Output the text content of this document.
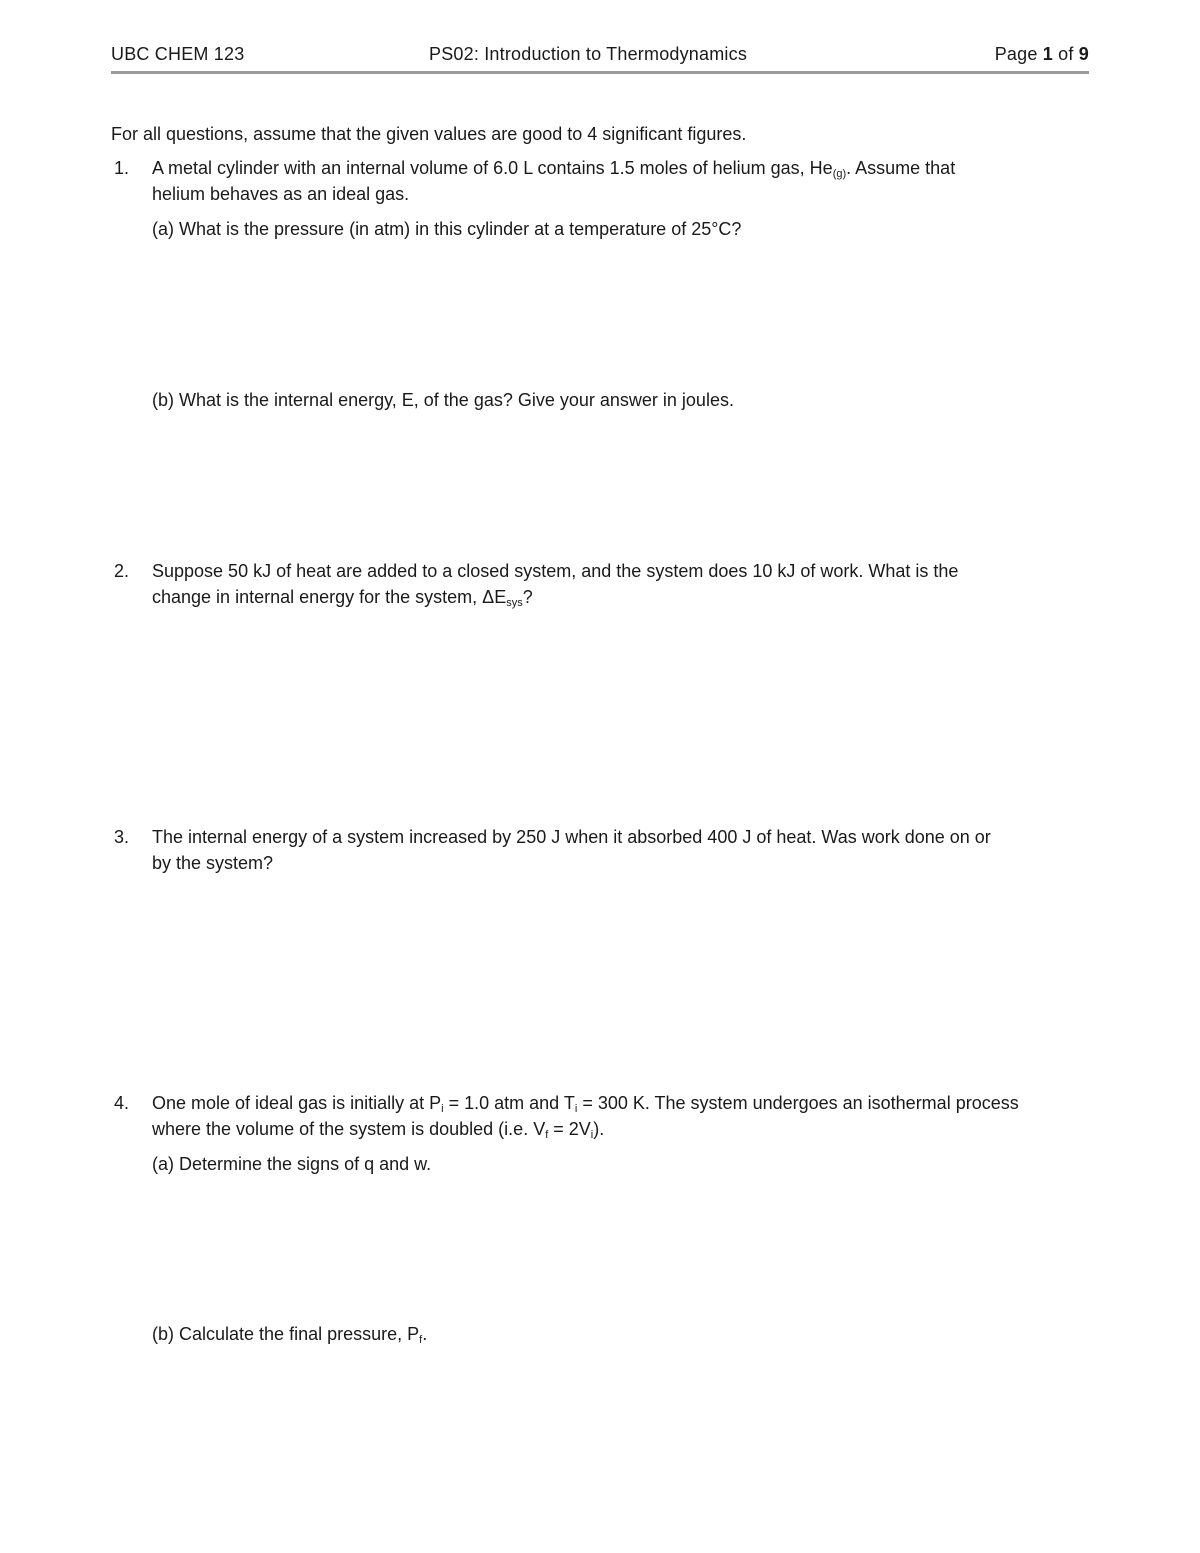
UBC CHEM 123	PS02: Introduction to Thermodynamics	Page 1 of 9
For all questions, assume that the given values are good to 4 significant figures.
1. A metal cylinder with an internal volume of 6.0 L contains 1.5 moles of helium gas, $He_{(g)}$. Assume that
helium behaves as an ideal gas.
(a) What is the pressure (in atm) in this cylinder at a temperature of 25°C?
(b) What is the internal energy, E, of the gas? Give your answer in joules.
2. Suppose 50 kJ of heat are added to a closed system, and the system does 10 kJ of work. What is the
change in internal energy for the system, $\Delta E_{sys}$?
3. The internal energy of a system increased by 250 J when it absorbed 400 J of heat. Was work done on or
by the system?
4. One mole of ideal gas is initially at $P_i = 1.0$ atm and $T_i = 300$ K. The system undergoes an isothermal process
where the volume of the system is doubled (i.e. $V_f = 2V_i$).
(a) Determine the signs of q and w.
(b) Calculate the final pressure, $P_f$.
